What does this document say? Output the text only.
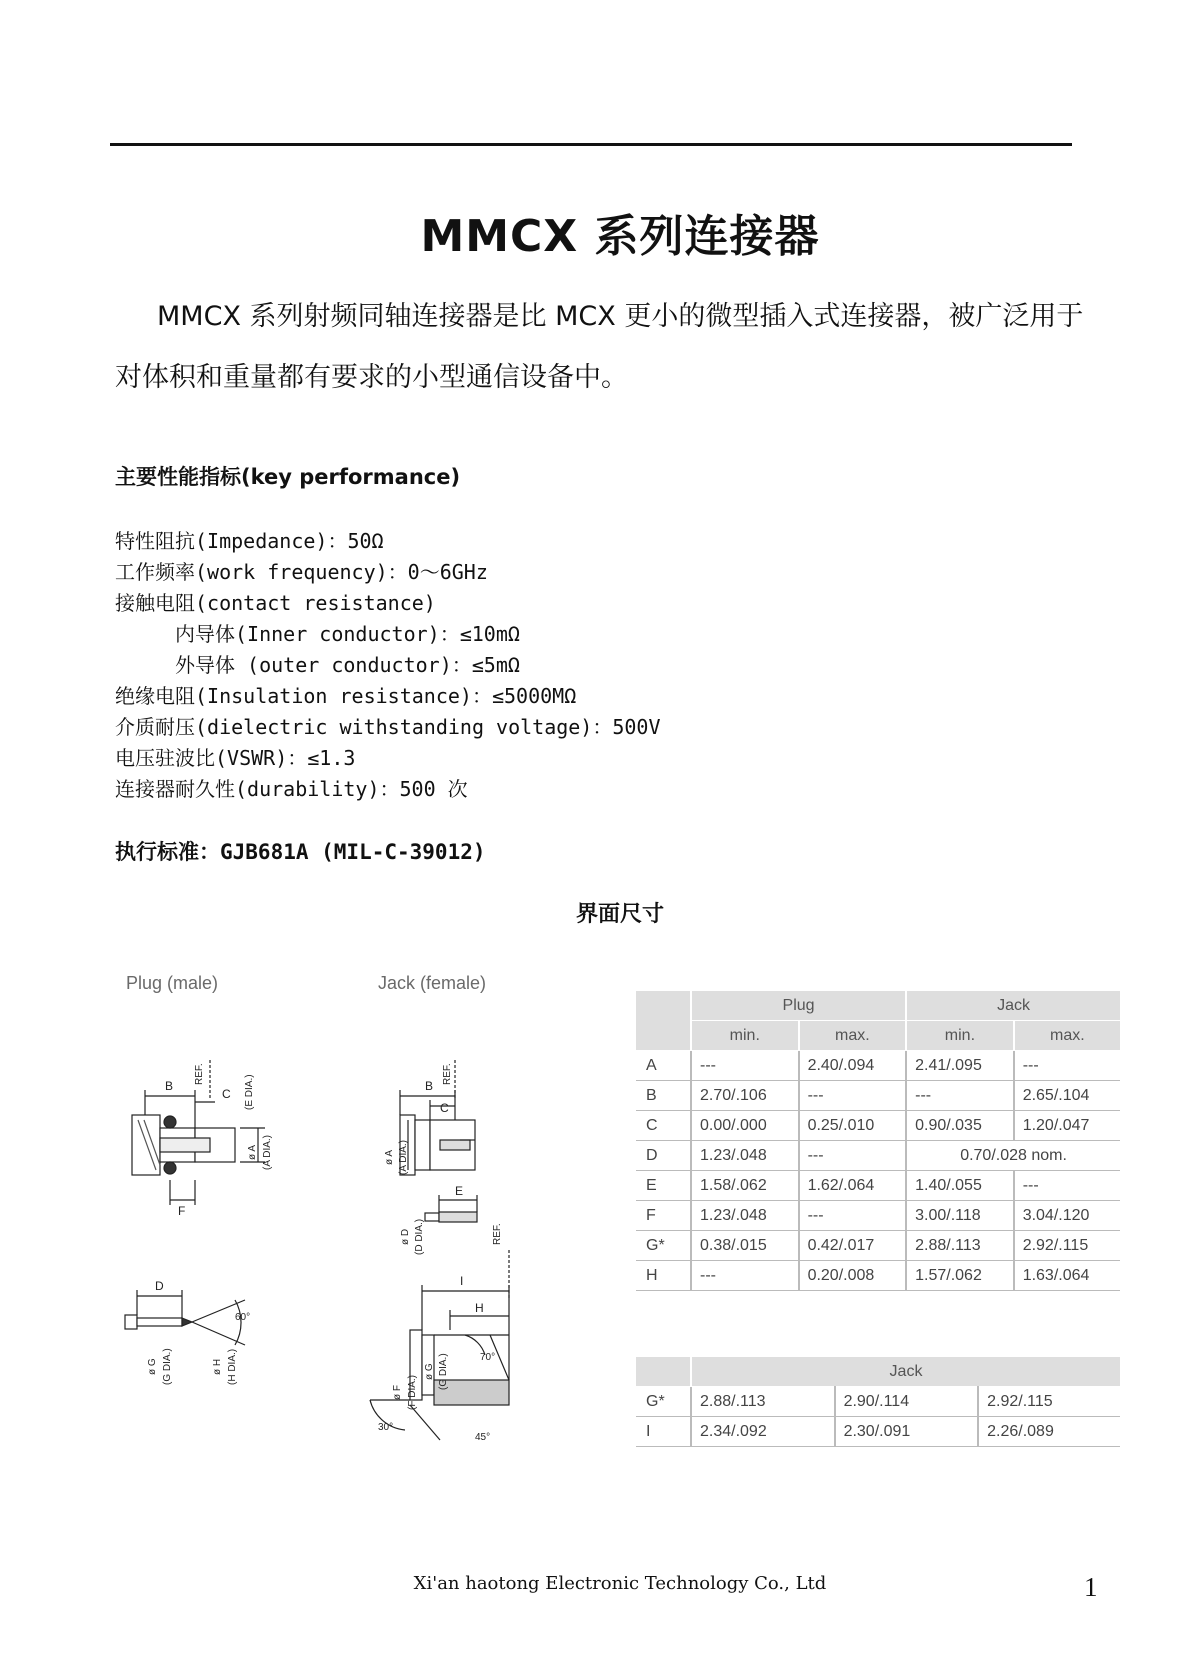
MMCX 系列连接器
MMCX 系列射频同轴连接器是比 MCX 更小的微型插入式连接器，被广泛用于对体积和重量都有要求的小型通信设备中。
主要性能指标(key performance)
特性阻抗(Impedance)：50Ω
工作频率(work frequency)：0～6GHz
接触电阻(contact resistance)
内导体(Inner conductor)：≤10mΩ
外导体 (outer conductor)：≤5mΩ
绝缘电阻(Insulation resistance)：≤5000MΩ
介质耐压(dielectric withstanding voltage)：500V
电压驻波比(VSWR)：≤1.3
连接器耐久性(durability)：500 次
执行标准：GJB681A (MIL-C-39012)
界面尺寸
Plug (male)	Jack (female)
B
C
F
REF.
(E DIA.)
ø A (A DIA.)
D
60°
ø G (G DIA.)	ø H (H DIA.)
B
C
REF.
ø A (A DIA.)
E
ø D (D DIA.)
I
H
REF.
ø F (F DIA.)
ø G (G DIA.)	70°
30°
45°
	Plug		Jack	
	min.	max.	min.	max.
A	---	2.40/.094	2.41/.095	---
B	2.70/.106	---	---	2.65/.104
C	0.00/.000	0.25/.010	0.90/.035	1.20/.047
D	1.23/.048	---	0.70/.028 nom.	
E	1.58/.062	1.62/.064	1.40/.055	---
F	1.23/.048	---	3.00/.118	3.04/.120
G*	0.38/.015	0.42/.017	2.88/.113	2.92/.115
H	---	0.20/.008	1.57/.062	1.63/.064
	Jack		
G*	2.88/.113	2.90/.114	2.92/.115
I	2.34/.092	2.30/.091	2.26/.089
Xi'an haotong Electronic Technology Co., Ltd	1
